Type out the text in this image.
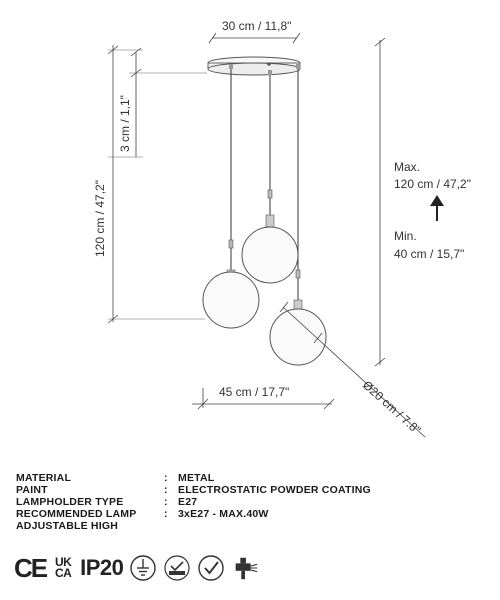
30 cm / 11,8"
3 cm / 1,1"
120 cm / 47,2"
Max.
120 cm / 47,2"
Min.
40 cm / 15,7"
45 cm / 17,7"	Ø20 cm / 7.8"
MATERIAL	: METAL
PAINT	: ELECTROSTATIC POWDER COATING
LAMPHOLDER TYPE	: E27
RECOMMENDED LAMP	: 3xE27 - MAX.40W
ADJUSTABLE HIGH
CE UK
CA IP20
